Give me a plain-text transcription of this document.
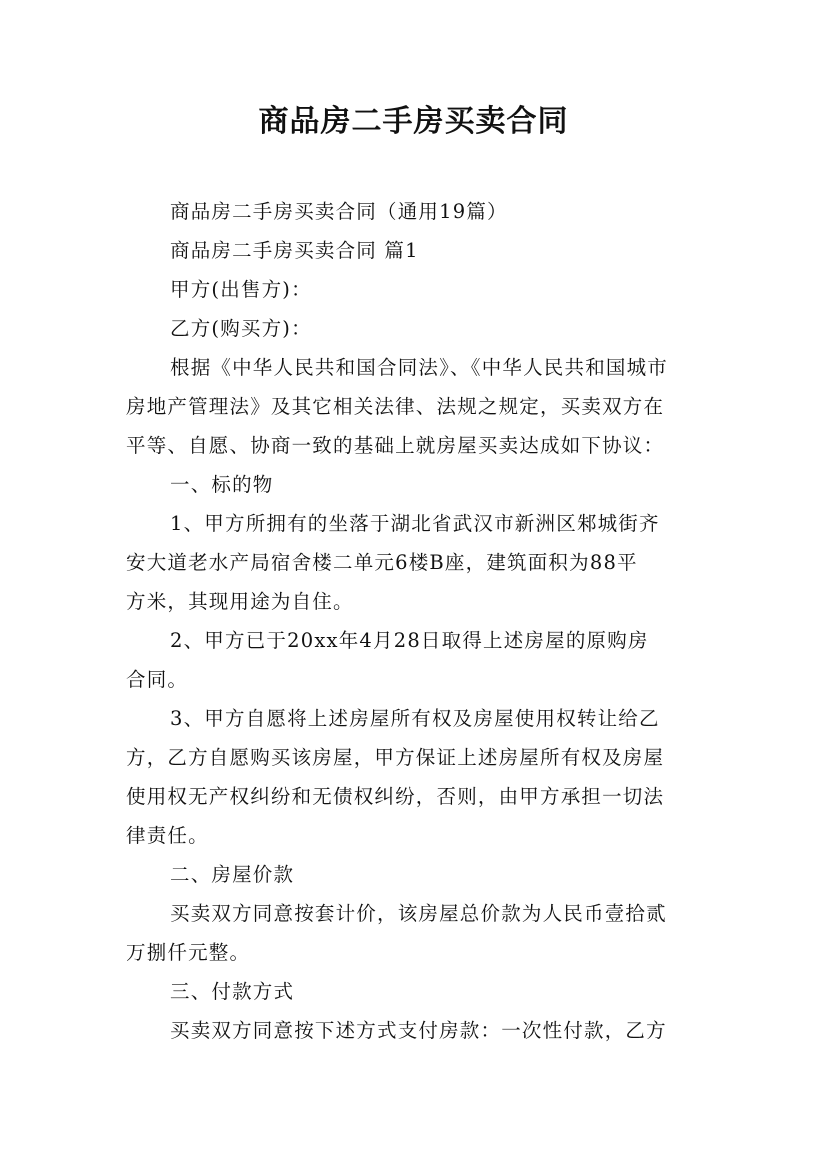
商品房二手房买卖合同

商品房二手房买卖合同（通用19篇）

商品房二手房买卖合同 篇1

甲方(出售方)：

乙方(购买方)：

根据《中华人民共和国合同法》、《中华人民共和国城市
房地产管理法》及其它相关法律、法规之规定，买卖双方在
平等、自愿、协商一致的基础上就房屋买卖达成如下协议：

一、标的物

1、甲方所拥有的坐落于湖北省武汉市新洲区邾城街齐
安大道老水产局宿舍楼二单元6楼B座，建筑面积为88平
方米，其现用途为自住。

2、甲方已于20xx年4月28日取得上述房屋的原购房
合同。

3、甲方自愿将上述房屋所有权及房屋使用权转让给乙
方，乙方自愿购买该房屋，甲方保证上述房屋所有权及房屋
使用权无产权纠纷和无债权纠纷，否则，由甲方承担一切法
律责任。

二、房屋价款

买卖双方同意按套计价，该房屋总价款为人民币壹拾贰
万捌仟元整。

三、付款方式

买卖双方同意按下述方式支付房款：一次性付款，乙方
